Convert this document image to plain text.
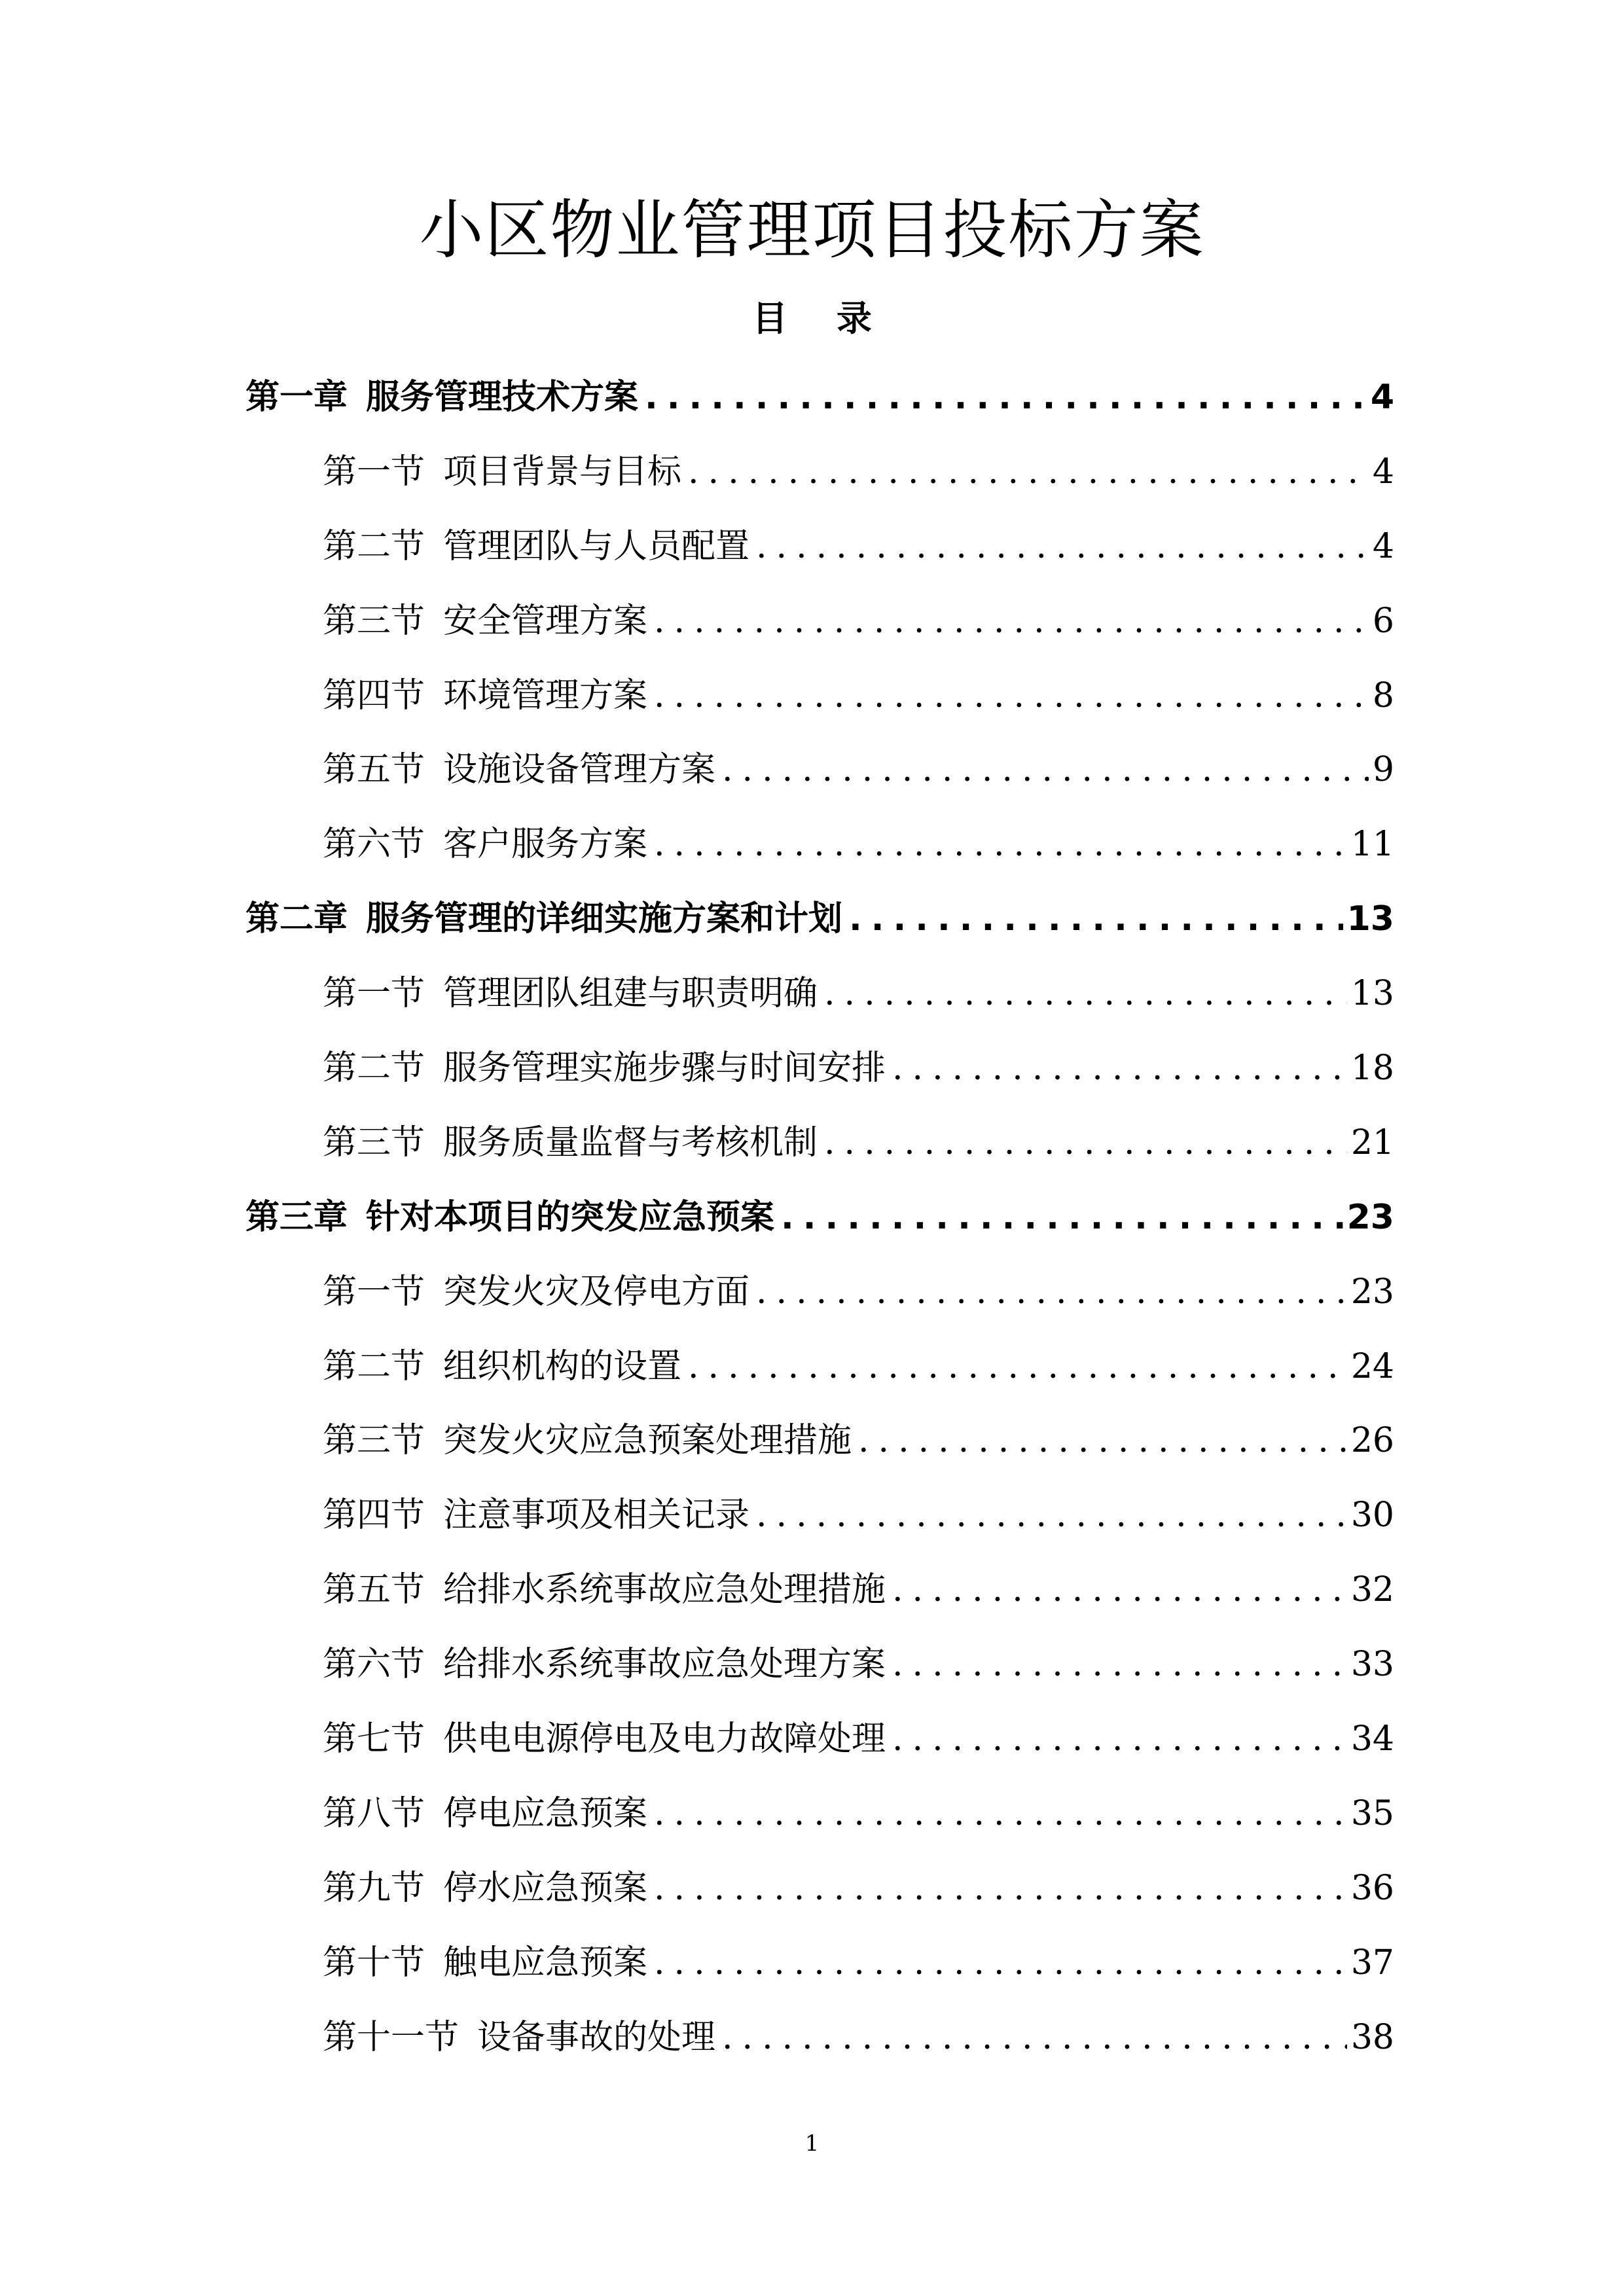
小区物业管理项目投标方案
目 录
第一章 服务管理技术方案 .....	4
第一节 项目背景与目标 .....	4
第二节 管理团队与人员配置 .....	4
第三节 安全管理方案 .....	6
第四节 环境管理方案 .....	8
第五节 设施设备管理方案 .....	9
第六节 客户服务方案 .....	11
第二章 服务管理的详细实施方案和计划 .....	13
第一节 管理团队组建与职责明确 .....	13
第二节 服务管理实施步骤与时间安排 .....	18
第三节 服务质量监督与考核机制 .....	21
第三章 针对本项目的突发应急预案 .....	23
第一节 突发火灾及停电方面 .....	23
第二节 组织机构的设置 .....	24
第三节 突发火灾应急预案处理措施 .....	26
第四节 注意事项及相关记录 .....	30
第五节 给排水系统事故应急处理措施 .....	32
第六节 给排水系统事故应急处理方案 .....	33
第七节 供电电源停电及电力故障处理 .....	34
第八节 停电应急预案 .....	35
第九节 停水应急预案 .....	36
第十节 触电应急预案 .....	37
第十一节 设备事故的处理 .....	38
1
